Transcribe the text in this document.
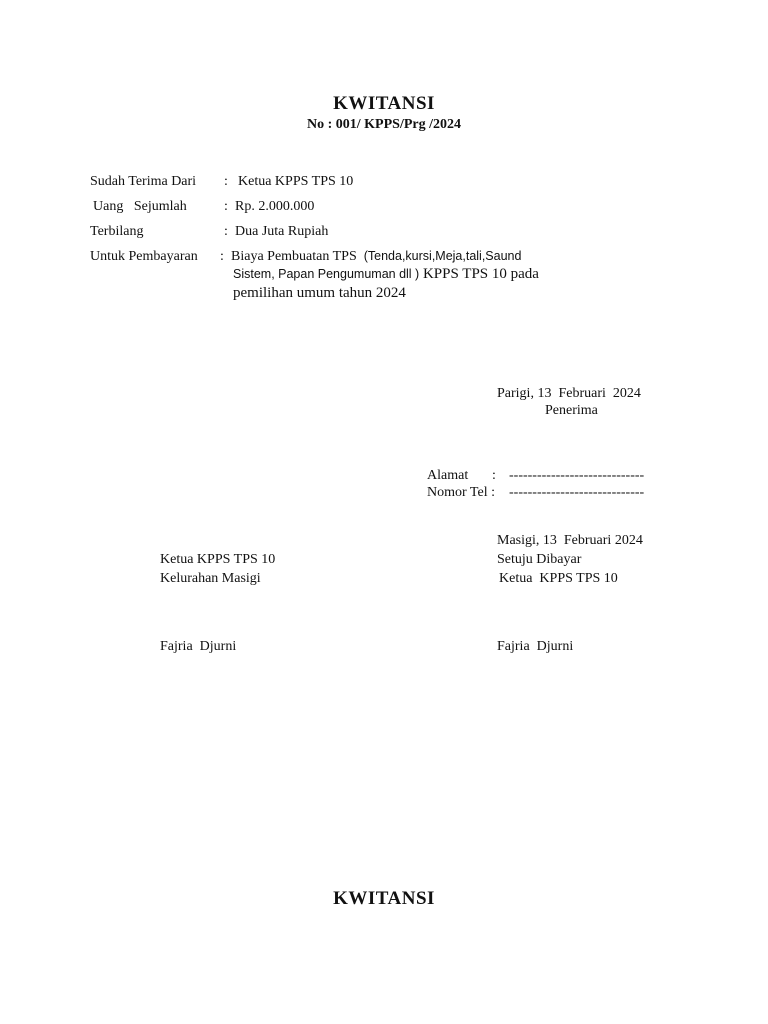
KWITANSI
No : 001/ KPPS/Prg /2024
Sudah Terima Dari : Ketua KPPS TPS 10
Uang   Sejumlah	: Rp. 2.000.000
Terbilang	: Dua Juta Rupiah
Untuk Pembayaran : Biaya Pembuatan TPS  (Tenda,kursi,Meja,tali,Saund
Sistem, Papan Pengumuman dll ) KPPS TPS 10 pada
pemilihan umum tahun 2024
Parigi, 13  Februari  2024
Penerima
Alamat : -----------------------------
Nomor Tel : -----------------------------
Masigi, 13  Februari 2024
Ketua KPPS TPS 10
Kelurahan Masigi
Fajria  Djurni
Setuju Dibayar
Ketua  KPPS TPS 10
Fajria  Djurni
KWITANSI
